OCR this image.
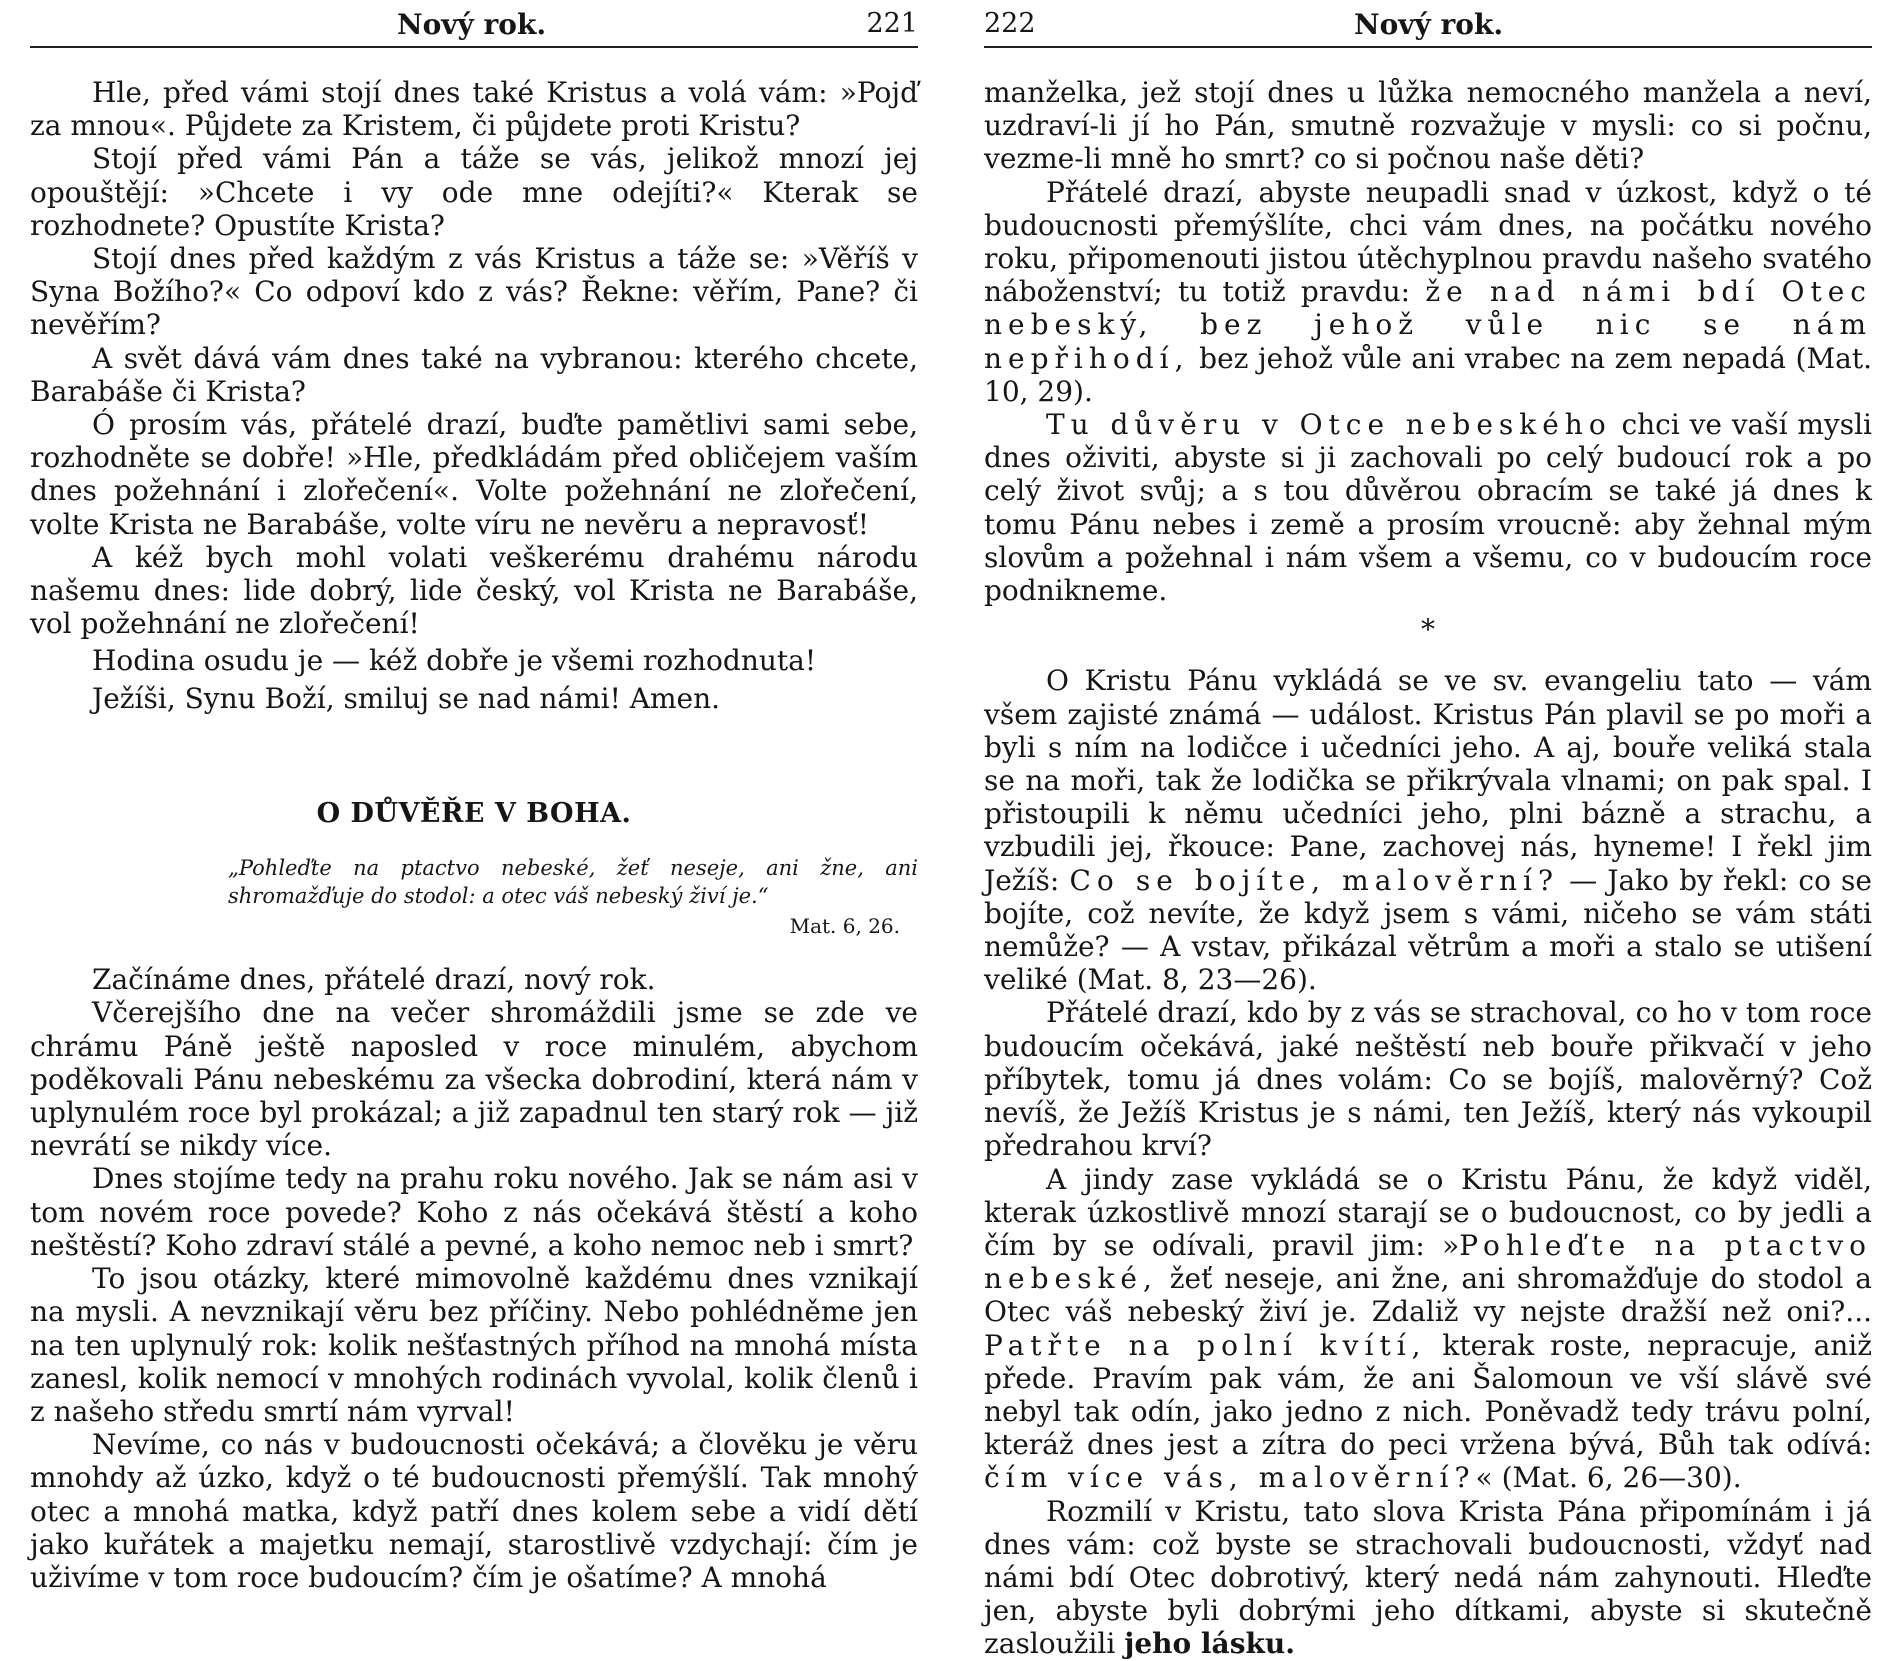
Nový rok.	221

Hle, před vámi stojí dnes také Kristus a volá vám: »Pojď za mnou«. Půjdete za Kristem, či půjdete proti Kristu?

Stojí před vámi Pán a táže se vás, jelikož mnozí jej opouštějí: »Chcete i vy ode mne odejíti?« Kterak se rozhodnete? Opustíte Krista?

Stojí dnes před každým z vás Kristus a táže se: »Věříš v Syna Božího?« Co odpoví kdo z vás? Řekne: věřím, Pane? či nevěřím?

A svět dává vám dnes také na vybranou: kterého chcete, Barabáše či Krista?

Ó prosím vás, přátelé drazí, buďte pamětlivi sami sebe, rozhodněte se dobře! »Hle, předkládám před obličejem vaším dnes požehnání i zlořečení«. Volte požehnání ne zlořečení, volte Krista ne Barabáše, volte víru ne nevěru a nepravosť!

A kéž bych mohl volati veškerému drahému národu našemu dnes: lide dobrý, lide český, vol Krista ne Barabáše, vol požehnání ne zlořečení!

Hodina osudu je — kéž dobře je všemi rozhodnuta!

Ježíši, Synu Boží, smiluj se nad námi! Amen.

O DŮVĚŘE V BOHA.
„Pohleďte na ptactvo nebeské, žeť neseje, ani žne, ani shromažďuje do stodol: a otec váš nebeský živí je.“
Mat. 6, 26.

Začínáme dnes, přátelé drazí, nový rok.

Včerejšího dne na večer shromáždili jsme se zde ve chrámu Páně ještě naposled v roce minulém, abychom poděkovali Pánu nebeskému za všecka dobrodiní, která nám v uplynulém roce byl prokázal; a již zapadnul ten starý rok — již nevrátí se nikdy více.

Dnes stojíme tedy na prahu roku nového. Jak se nám asi v tom novém roce povede? Koho z nás očekává štěstí a koho neštěstí? Koho zdraví stálé a pevné, a koho nemoc neb i smrt?

To jsou otázky, které mimovolně každému dnes vznikají na mysli. A nevznikají věru bez příčiny. Nebo pohlédněme jen na ten uplynulý rok: kolik nešťastných příhod na mnohá místa zanesl, kolik nemocí v mnohých rodinách vyvolal, kolik členů i z našeho středu smrtí nám vyrval!

Nevíme, co nás v budoucnosti očekává; a člověku je věru mnohdy až úzko, když o té budoucnosti přemýšlí. Tak mnohý otec a mnohá matka, když patří dnes kolem sebe a vidí dětí jako kuřátek a majetku nemají, starostlivě vzdychají: čím je uživíme v tom roce budoucím? čím je ošatíme? A mnohá

222	Nový rok.

manželka, jež stojí dnes u lůžka nemocného manžela a neví, uzdraví-li jí ho Pán, smutně rozvažuje v mysli: co si počnu, vezme-li mně ho smrt? co si počnou naše děti?

Přátelé drazí, abyste neupadli snad v úzkost, když o té budoucnosti přemýšlíte, chci vám dnes, na počátku nového roku, připomenouti jistou útěchyplnou pravdu našeho svatého náboženství; tu totiž pravdu: že nad námi bdí Otec nebeský, bez jehož vůle nic se nám nepřihodí, bez jehož vůle ani vrabec na zem nepadá (Mat. 10, 29).

Tu důvěru v Otce nebeského chci ve vaší mysli dnes oživiti, abyste si ji zachovali po celý budoucí rok a po celý život svůj; a s tou důvěrou obracím se také já dnes k tomu Pánu nebes i země a prosím vroucně: aby žehnal mým slovům a požehnal i nám všem a všemu, co v budoucím roce podnikneme.

*

O Kristu Pánu vykládá se ve sv. evangeliu tato — vám všem zajisté známá — událost. Kristus Pán plavil se po moři a byli s ním na lodičce i učedníci jeho. A aj, bouře veliká stala se na moři, tak že lodička se přikrývala vlnami; on pak spal. I přistoupili k němu učedníci jeho, plni bázně a strachu, a vzbudili jej, řkouce: Pane, zachovej nás, hyneme! I řekl jim Ježíš: Co se bojíte, malověrní? — Jako by řekl: co se bojíte, což nevíte, že když jsem s vámi, ničeho se vám státi nemůže? — A vstav, přikázal větrům a moři a stalo se utišení veliké (Mat. 8, 23—26).

Přátelé drazí, kdo by z vás se strachoval, co ho v tom roce budoucím očekává, jaké neštěstí neb bouře přikvačí v jeho příbytek, tomu já dnes volám: Co se bojíš, malověrný? Což nevíš, že Ježíš Kristus je s námi, ten Ježíš, který nás vykoupil předrahou krví?

A jindy zase vykládá se o Kristu Pánu, že když viděl, kterak úzkostlivě mnozí starají se o budoucnost, co by jedli a čím by se odívali, pravil jim: »Pohleďte na ptactvo nebeské, žeť neseje, ani žne, ani shromažďuje do stodol a Otec váš nebeský živí je. Zdaliž vy nejste dražší než oni?... Patřte na polní kvítí, kterak roste, nepracuje, aniž přede. Pravím pak vám, že ani Šalomoun ve vší slávě své nebyl tak odín, jako jedno z nich. Poněvadž tedy trávu polní, kteráž dnes jest a zítra do peci vržena bývá, Bůh tak odívá: čím více vás, malověrní?« (Mat. 6, 26—30).

Rozmilí v Kristu, tato slova Krista Pána připomínám i já dnes vám: což byste se strachovali budoucnosti, vždyť nad námi bdí Otec dobrotivý, který nedá nám zahynouti. Hleďte jen, abyste byli dobrými jeho dítkami, abyste si skutečně zasloužili jeho lásku.
